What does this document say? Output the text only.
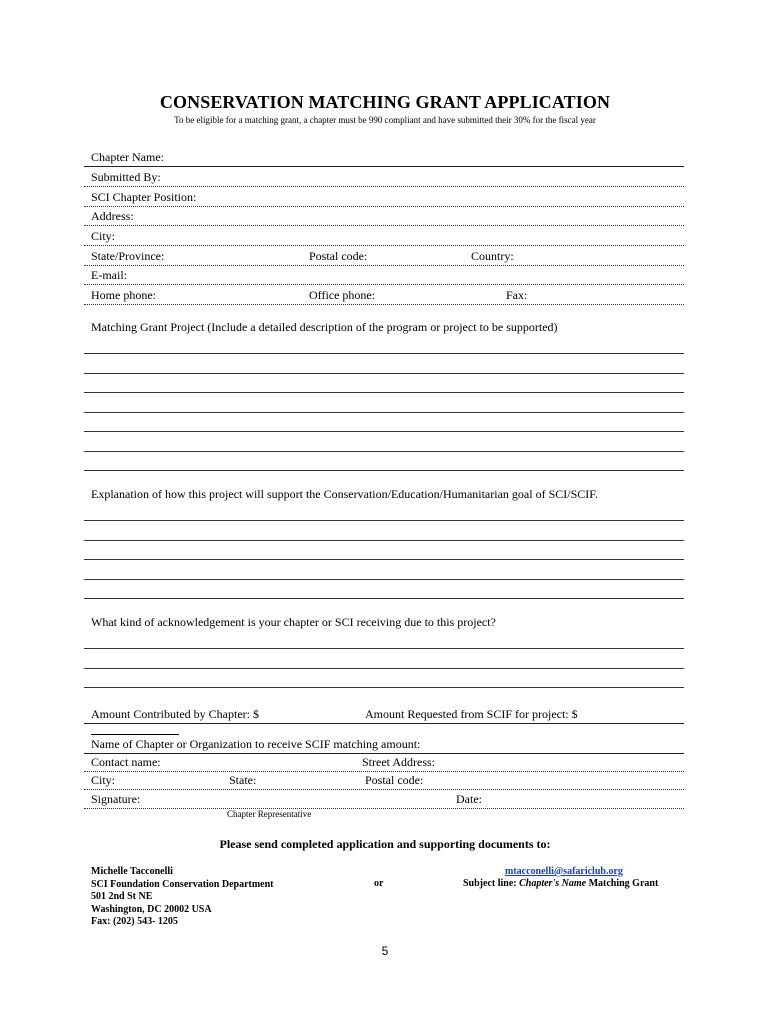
CONSERVATION MATCHING GRANT APPLICATION
To be eligible for a matching grant, a chapter must be 990 compliant and have submitted their 30% for the fiscal year
Chapter Name:
Submitted By:
SCI Chapter Position:
Address:
City:
State/Province:	Postal code:	Country:
E-mail:
Home phone:	Office phone:	Fax:
Matching Grant Project (Include a detailed description of the program or project to be supported)
Explanation of how this project will support the Conservation/Education/Humanitarian goal of SCI/SCIF.
What kind of acknowledgement is your chapter or SCI receiving due to this project?
Amount Contributed by Chapter: $	Amount Requested from SCIF for project: $
Name of Chapter or Organization to receive SCIF matching amount:
Contact name:	Street Address:
City:	State:	Postal code:
Signature:	Date:
Chapter Representative
Please send completed application and supporting documents to:
Michelle Tacconelli
SCI Foundation Conservation Department
501 2nd St NE
Washington, DC 20002 USA
Fax: (202) 543- 1205
or
mtacconelli@safariclub.org
Subject line: Chapter's Name Matching Grant
5
